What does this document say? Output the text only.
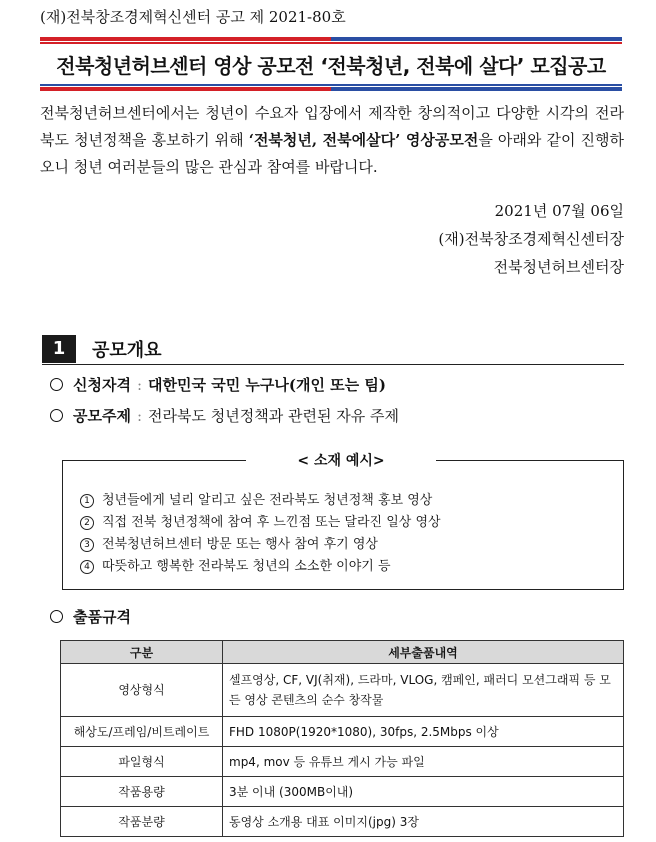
(재)전북창조경제혁신센터 공고 제 2021-80호
전북청년허브센터 영상 공모전 ‘전북청년, 전북에 살다’ 모집공고
전북청년허브센터에서는 청년이 수요자 입장에서 제작한 창의적이고 다양한 시각의 전라북도 청년정책을 홍보하기 위해 ‘전북청년, 전북에살다’ 영상공모전을 아래와 같이 진행하오니 청년 여러분들의 많은 관심과 참여를 바랍니다.
2021년 07월 06일
(재)전북창조경제혁신센터장
전북청년허브센터장
1	공모개요
신청자격 : 대한민국 국민 누구나(개인 또는 팀)
공모주제 : 전라북도 청년정책과 관련된 자유 주제
< 소재 예시>
1 청년들에게 널리 알리고 싶은 전라북도 청년정책 홍보 영상
2 직접 전북 청년정책에 참여 후 느낀점 또는 달라진 일상 영상
3 전북청년허브센터 방문 또는 행사 참여 후기 영상
4 따뜻하고 행복한 전라북도 청년의 소소한 이야기 등
출품규격
구분	세부출품내역
영상형식	셀프영상, CF, VJ(취재), 드라마, VLOG, 캠페인, 패러디 모션그래픽 등 모든 영상 콘텐츠의 순수 창작물
해상도/프레임/비트레이트	FHD 1080P(1920*1080), 30fps, 2.5Mbps 이상
파일형식	mp4, mov 등 유튜브 게시 가능 파일
작품용량	3분 이내 (300MB이내)
작품분량	동영상 소개용 대표 이미지(jpg) 3장
